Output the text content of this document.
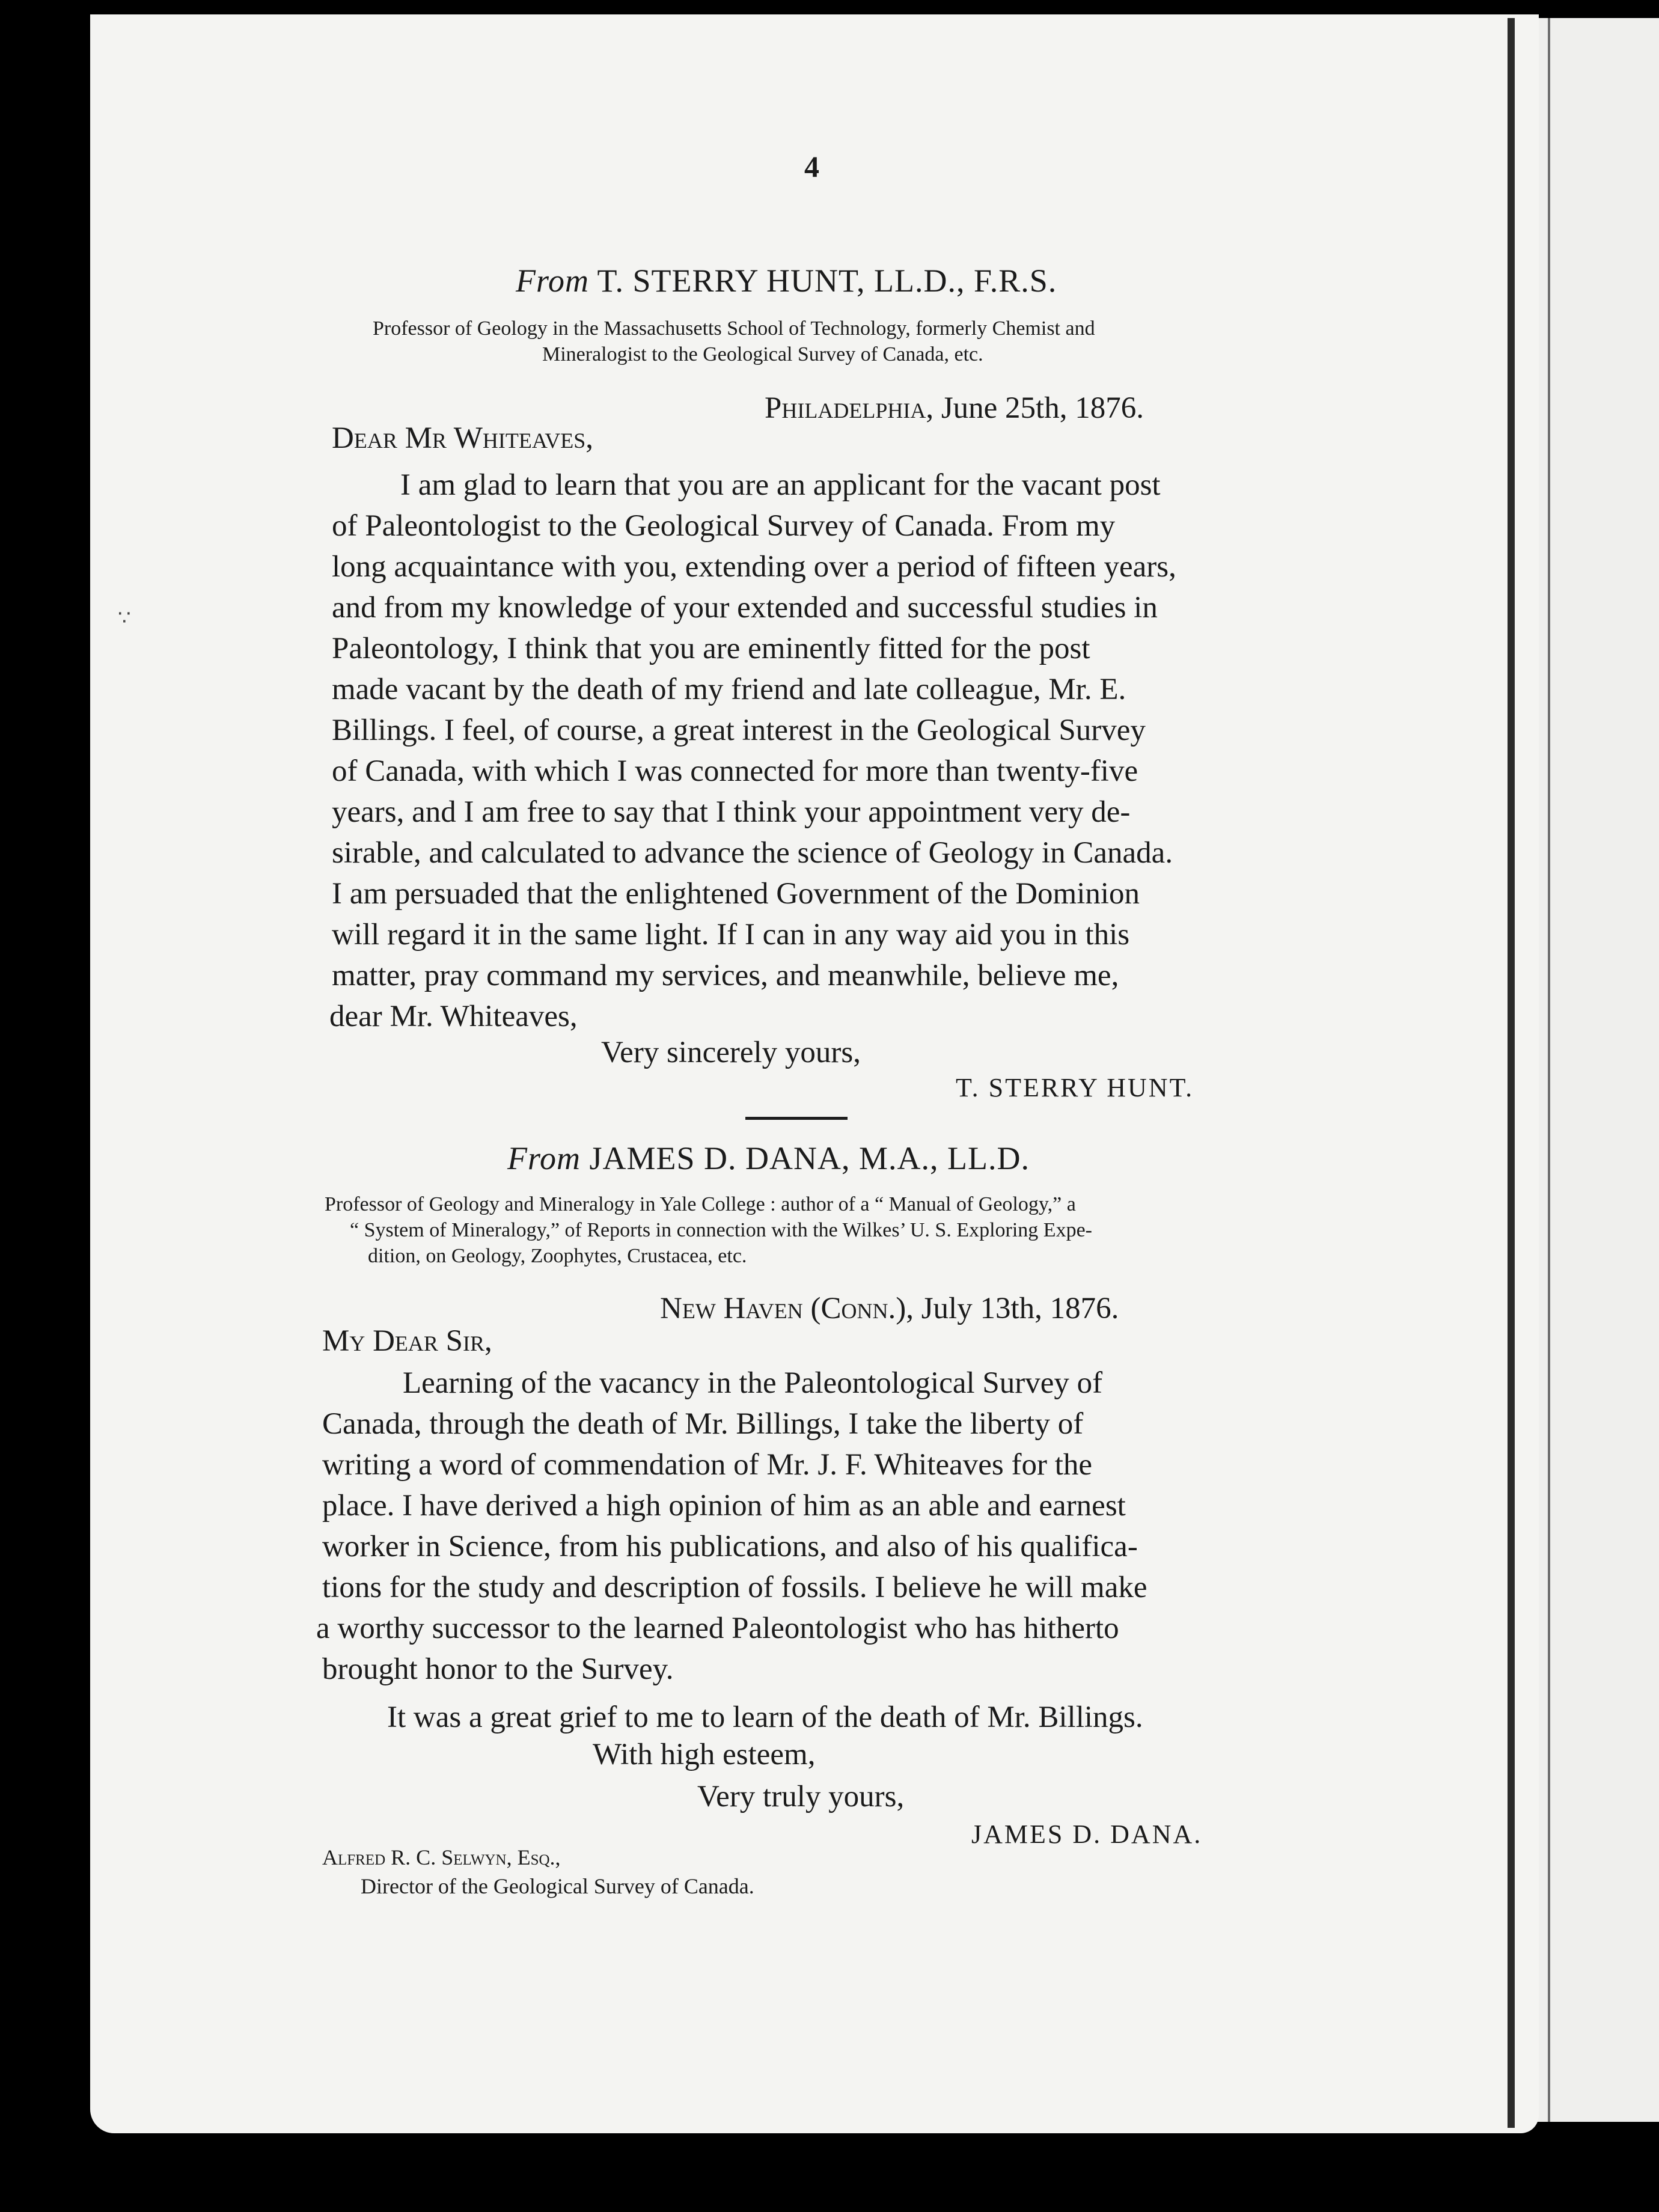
4
∴
From T. STERRY HUNT, LL.D., F.R.S.
Professor of Geology in the Massachusetts School of Technology, formerly Chemist and
Mineralogist to the Geological Survey of Canada, etc.
Philadelphia, June 25th, 1876.
Dear Mr Whiteaves,
I am glad to learn that you are an applicant for the vacant post
of Paleontologist to the Geological Survey of Canada. From my
long acquaintance with you, extending over a period of fifteen years,
and from my knowledge of your extended and successful studies in
Paleontology, I think that you are eminently fitted for the post
made vacant by the death of my friend and late colleague, Mr. E.
Billings. I feel, of course, a great interest in the Geological Survey
of Canada, with which I was connected for more than twenty-five
years, and I am free to say that I think your appointment very de-
sirable, and calculated to advance the science of Geology in Canada.
I am persuaded that the enlightened Government of the Dominion
will regard it in the same light. If I can in any way aid you in this
matter, pray command my services, and meanwhile, believe me,
dear Mr. Whiteaves,
Very sincerely yours,
T. STERRY HUNT.
From JAMES D. DANA, M.A., LL.D.
Professor of Geology and Mineralogy in Yale College : author of a “ Manual of Geology,” a
“ System of Mineralogy,” of Reports in connection with the Wilkes’ U. S. Exploring Expe-
dition, on Geology, Zoophytes, Crustacea, etc.
New Haven (Conn.), July 13th, 1876.
My Dear Sir,
Learning of the vacancy in the Paleontological Survey of
Canada, through the death of Mr. Billings, I take the liberty of
writing a word of commendation of Mr. J. F. Whiteaves for the
place. I have derived a high opinion of him as an able and earnest
worker in Science, from his publications, and also of his qualifica-
tions for the study and description of fossils. I believe he will make
a worthy successor to the learned Paleontologist who has hitherto
brought honor to the Survey.
It was a great grief to me to learn of the death of Mr. Billings.
With high esteem,
Very truly yours,
JAMES D. DANA.
Alfred R. C. Selwyn, Esq.,
Director of the Geological Survey of Canada.
